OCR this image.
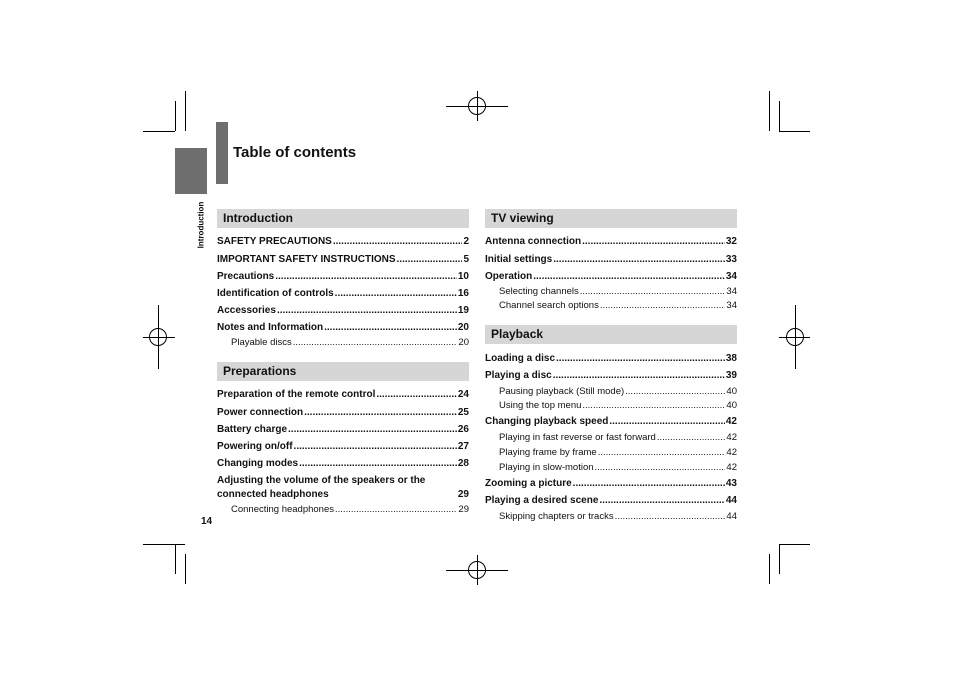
Introduction
Table of contents
Introduction
SAFETY PRECAUTIONS .....	2
IMPORTANT SAFETY INSTRUCTIONS .....	5
Precautions .....	10
Identification of controls .....	16
Accessories .....	19
Notes and Information .....	20
Playable discs .....	20
Preparations
Preparation of the remote control .....	24
Power connection .....	25
Battery charge .....	26
Powering on/off .....	27
Changing modes .....	28
Adjusting the volume of the speakers or the
connected headphones	29
Connecting headphones .....	29
TV viewing
Antenna connection .....	32
Initial settings .....	33
Operation .....	34
Selecting channels .....	34
Channel search options .....	34
Playback
Loading a disc .....	38
Playing a disc .....	39
Pausing playback (Still mode) .....	40
Using the top menu .....	40
Changing playback speed .....	42
Playing in fast reverse or fast forward .....	42
Playing frame by frame .....	42
Playing in slow-motion .....	42
Zooming a picture .....	43
Playing a desired scene .....	44
Skipping chapters or tracks .....	44
14
